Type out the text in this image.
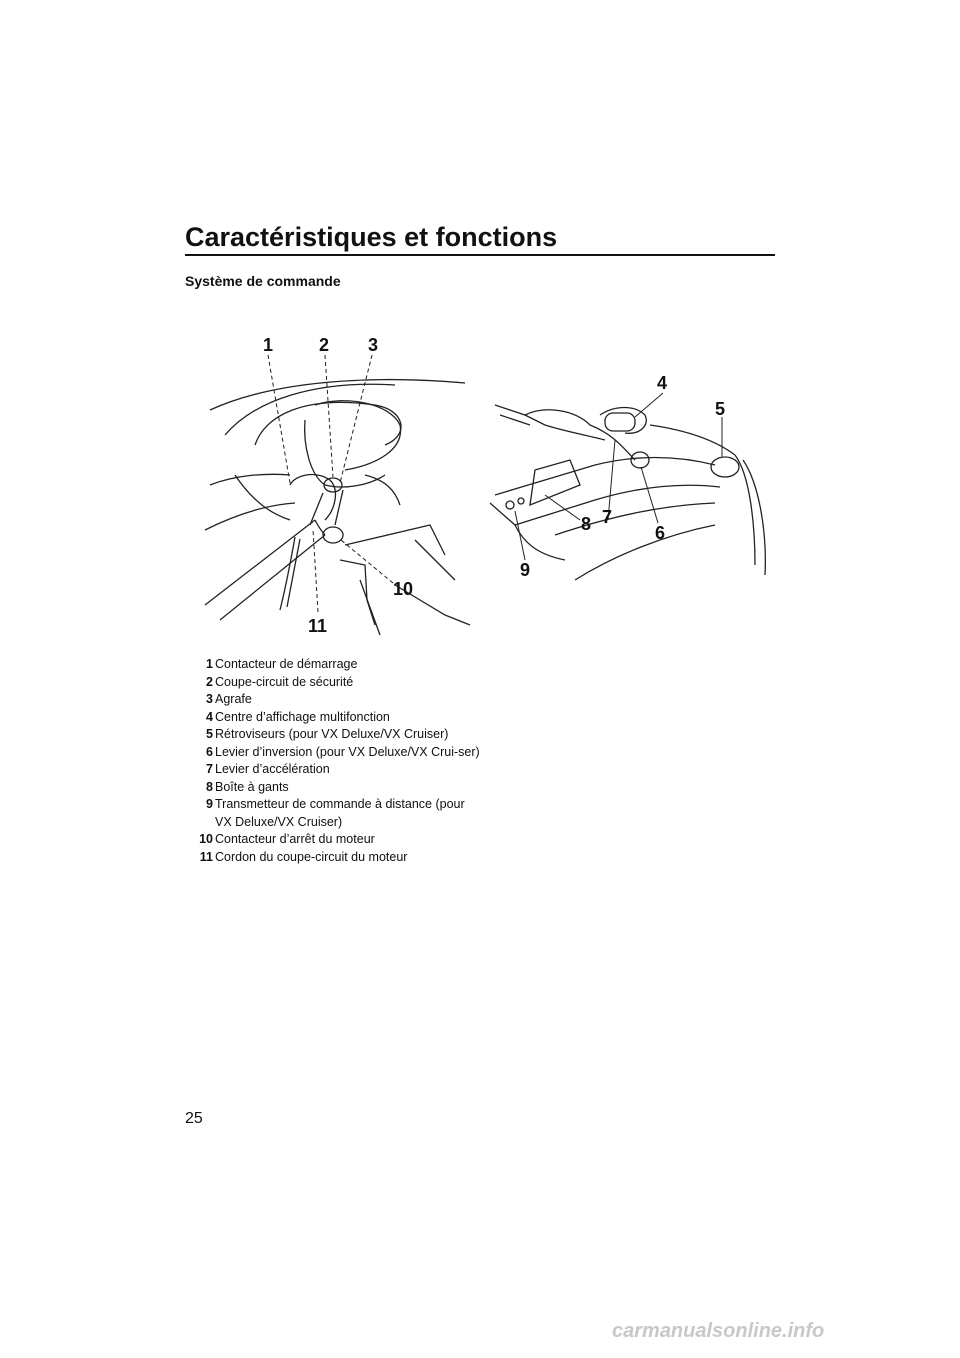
Caractéristiques et fonctions
Système de commande
1	2 3
4
5
6
7
8
9
10
11
1 Contacteur de démarrage
2 Coupe-circuit de sécurité
3 Agrafe
4 Centre d’affichage multifonction
5 Rétroviseurs (pour VX Deluxe/VX Cruiser)
6 Levier d’inversion (pour VX Deluxe/VX Crui-ser)
7 Levier d’accélération
8 Boîte à gants
9 Transmetteur de commande à distance (pour VX Deluxe/VX Cruiser)
10 Contacteur d’arrêt du moteur
11 Cordon du coupe-circuit du moteur
25
carmanualsonline.info
